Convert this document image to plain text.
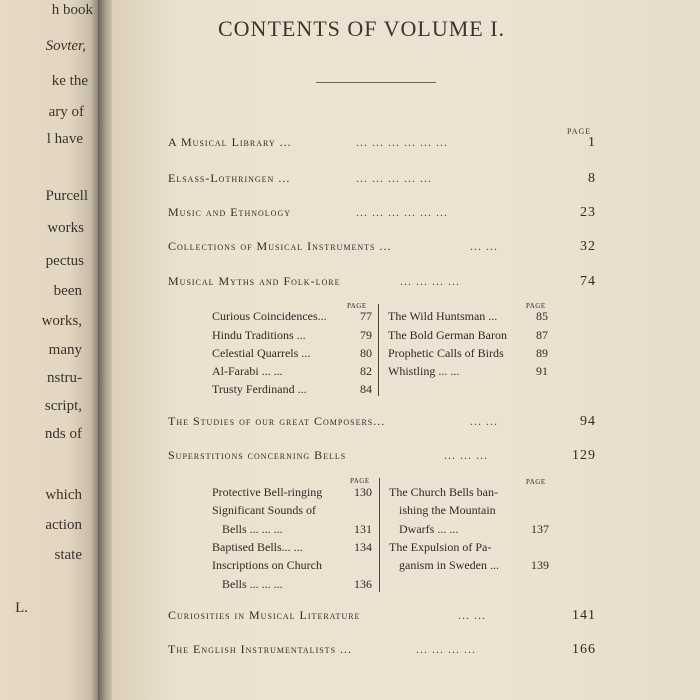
h book
Sovter,
ke the
ary of
l have
Purcell
works
pectus
been
works,
many
nstru-
script,
nds of
which
action
state
L.
CONTENTS OF VOLUME I.
PAGE
A Musical Library ...	... ... ... ... ... ...	1
Elsass-Lothringen ...	... ... ... ... ...	8
Music and Ethnology	... ... ... ... ... ...	23
Collections of Musical Instruments ...	... ...	32
Musical Myths and Folk-lore	... ... ... ...	74
PAGE	PAGE
Curious Coincidences...	77
Hindu Traditions ...	79
Celestial Quarrels ...	80
Al-Farabi ... ...	82
Trusty Ferdinand ...	84
The Wild Huntsman ...	85
The Bold German Baron 87
Prophetic Calls of Birds	89
Whistling ... ...	91
The Studies of our great Composers...	... ...	94
Superstitions concerning Bells	... ... ...	129
PAGE	PAGE
Protective Bell-ringing	130
Significant Sounds of
Bells ... ... ...	131
Baptised Bells... ...	134
Inscriptions on Church
Bells ... ... ...	136
The Church Bells ban-
ishing the Mountain
Dwarfs ... ...	137
The Expulsion of Pa-
ganism in Sweden ...	139
Curiosities in Musical Literature	... ...	141
The English Instrumentalists ...	... ... ... ...	166
